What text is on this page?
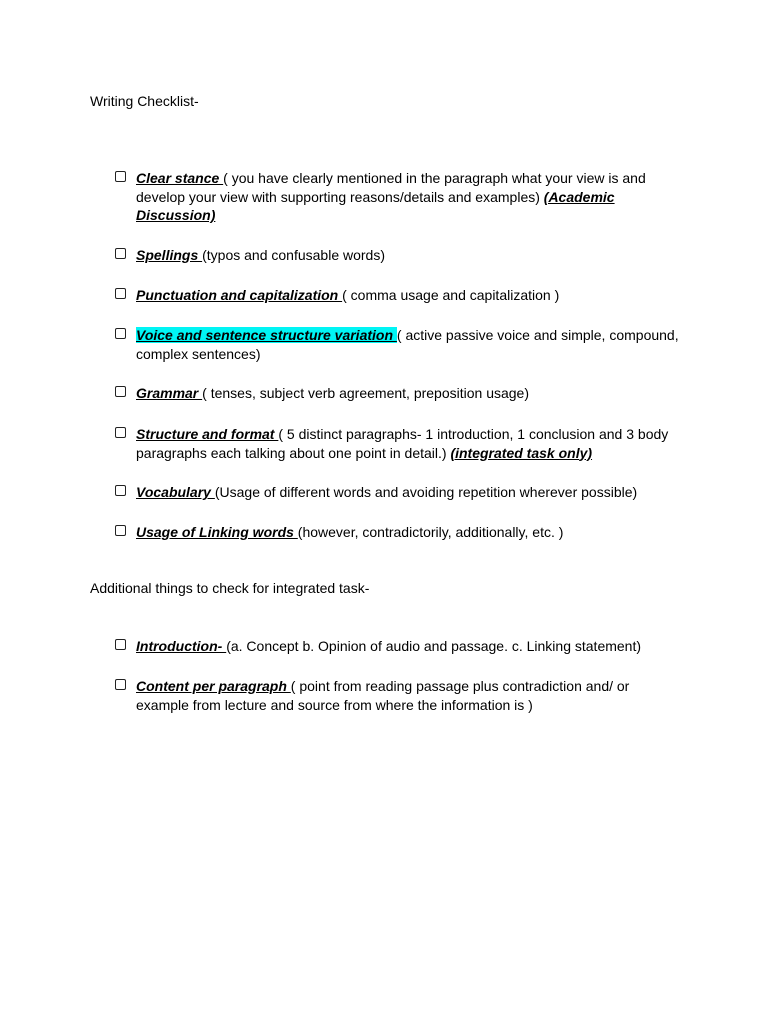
Writing Checklist-
Clear stance ( you have clearly mentioned in the paragraph what your view is and develop your view with supporting reasons/details and examples) (Academic Discussion)
Spellings (typos and confusable words)
Punctuation and capitalization ( comma usage and capitalization )
Voice and sentence structure variation ( active passive voice and simple, compound, complex sentences)
Grammar ( tenses, subject verb agreement, preposition usage)
Structure and format ( 5 distinct paragraphs- 1 introduction, 1 conclusion and 3 body paragraphs each talking about one point in detail.) (integrated task only)
Vocabulary (Usage of different words and avoiding repetition wherever possible)
Usage of Linking words (however, contradictorily, additionally, etc. )
Additional things to check for integrated task-
Introduction- (a. Concept b. Opinion of audio and passage. c. Linking statement)
Content per paragraph ( point from reading passage plus contradiction and/ or example from lecture and source from where the information is )
